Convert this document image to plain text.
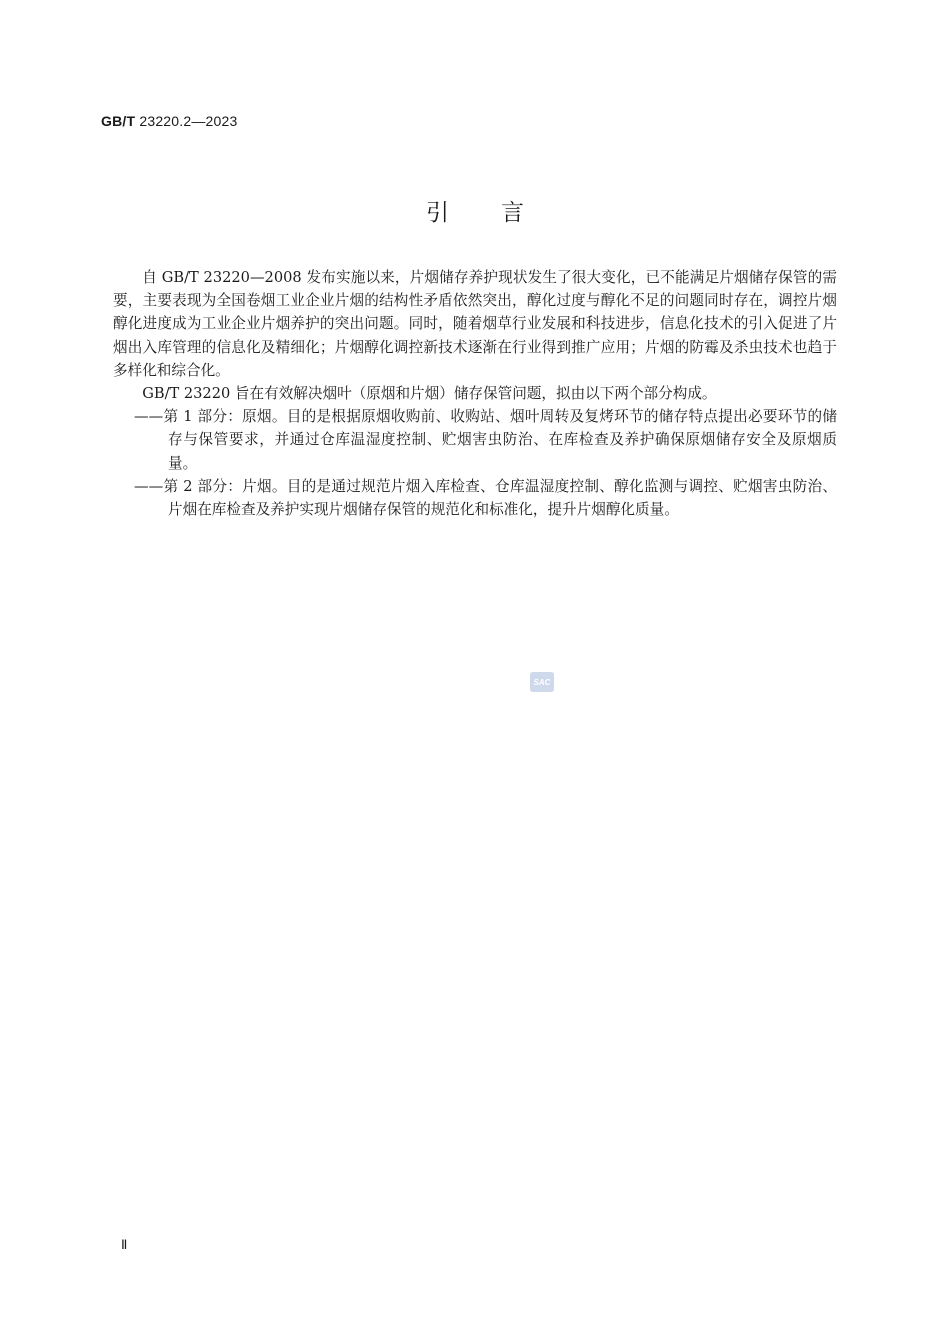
GB/T 23220.2—2023
引言

自 GB/T 23220—2008 发布实施以来，片烟储存养护现状发生了很大变化，已不能满足片烟储存保管的需要，主要表现为全国卷烟工业企业片烟的结构性矛盾依然突出，醇化过度与醇化不足的问题同时存在，调控片烟醇化进度成为工业企业片烟养护的突出问题。同时，随着烟草行业发展和科技进步，信息化技术的引入促进了片烟出入库管理的信息化及精细化；片烟醇化调控新技术逐渐在行业得到推广应用；片烟的防霉及杀虫技术也趋于多样化和综合化。

GB/T 23220 旨在有效解决烟叶（原烟和片烟）储存保管问题，拟由以下两个部分构成。

——第 1 部分：原烟。目的是根据原烟收购前、收购站、烟叶周转及复烤环节的储存特点提出必要环节的储存与保管要求，并通过仓库温湿度控制、贮烟害虫防治、在库检查及养护确保原烟储存安全及原烟质量。

——第 2 部分：片烟。目的是通过规范片烟入库检查、仓库温湿度控制、醇化监测与调控、贮烟害虫防治、片烟在库检查及养护实现片烟储存保管的规范化和标准化，提升片烟醇化质量。

SAC
Ⅱ
